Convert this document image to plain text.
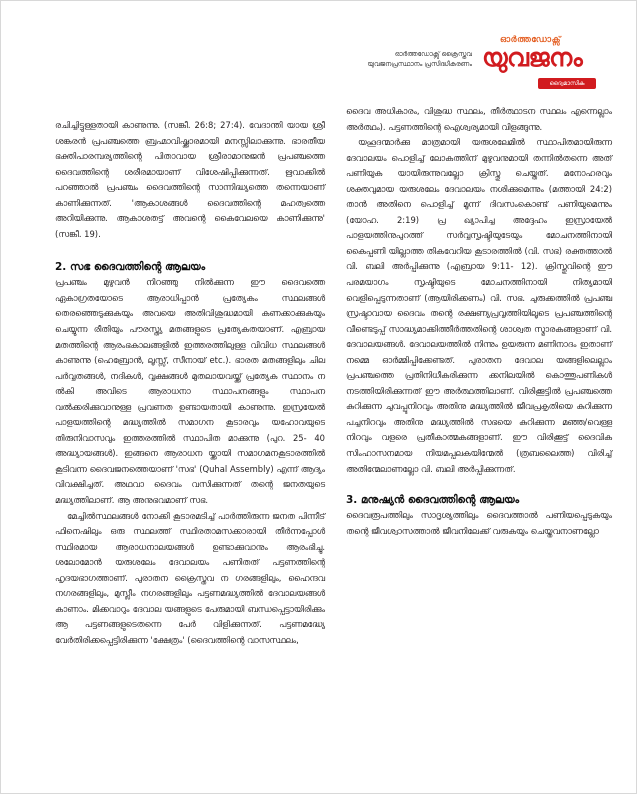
ഓർത്തഡോക്സ് ക്രൈസ്തവ
യുവജനപ്രസ്ഥാനം പ്രസിദ്ധീകരണം
ഓർത്തഡോക്സ്
യുവജനം
ദ്വൈമാസിക

രചിച്ചിട്ടുള്ളതായി കാണുന്നു. (സങ്കീ. 26:8; 27:4). വേദാന്തി യായ ശ്രീ ശങ്കരൻ പ്രപഞ്ചത്തെ ബ്രഹ്മാവിഷ്ക്കാരമായി മനസ്സിലാക്കുന്നു. ഭാരതീയ ഭക്തിപാരമ്പര്യത്തിന്റെ പിതാവായ ശ്രീരാമാനുജൻ പ്രപഞ്ചത്തെ ദൈവത്തിന്റെ ശരീരമായാണ് വിശേഷിപ്പിക്കുന്നത്. ഋവാക്കിൽ പറഞ്ഞാൽ പ്രപഞ്ചം ദൈവത്തിന്റെ സാന്നിദ്ധ്യത്തെ തന്നെയാണ് കാണിക്കുന്നത്. 'ആകാശങ്ങൾ ദൈവത്തിന്റെ മഹത്വത്തെ അറിയിക്കുന്നു. ആകാശതട്ട് അവന്റെ കൈവേലയെ കാണിക്കുന്നു' (സങ്കീ. 19).

2. സഭ ദൈവത്തിന്റെ ആലയം

പ്രപഞ്ചം മുഴുവൻ നിറഞ്ഞു നിൽക്കുന്ന ഈ ദൈവത്തെ ഏകാഗ്രതയോടെ ആരാധിപ്പാൻ പ്രത്യേകം സ്ഥലങ്ങൾ തെരഞ്ഞെടുക്കുകയും അവയെ അതിവിശുദ്ധമായി കണക്കാക്കുകയും ചെയ്യുന്ന രീതിയും പൗരസ്ത്യ മതങ്ങളുടെ പ്രത്യേകതയാണ്. എബ്രായ മതത്തിന്റെ ആരംഭകാലങ്ങളിൽ ഇത്തരത്തിലുള്ള വിവിധ സ്ഥലങ്ങൾ കാണുന്നു (ഹെബ്രോൻ, ലൂസ്സ്, സീനായ് etc.). ഭാരത മതങ്ങളിലും ചില പർവ്വതങ്ങൾ, നദികൾ, വൃക്ഷങ്ങൾ മുതലായവയ്ക്ക് പ്രത്യേക സ്ഥാനം ന ൽകി അവിടെ ആരാധനാ സ്ഥാപനങ്ങളും സ്ഥാപന വൽക്കരിക്കുവാനുള്ള പ്രവണത ഉണ്ടായതായി കാണുന്നു. ഇസ്രയേൽ പാളയത്തിന്റെ മദ്ധ്യത്തിൽ സമാഗന കൂടാരവും യഹോവയുടെ തിരുനിവാസവും ഇത്തരത്തിൽ സ്ഥാപിത മാക്കുന്നു (പുറ. 25- 40 അദ്ധ്യായങ്ങൾ). ഇങ്ങനെ ആരാധന യ്ക്കായി സമാഗമനകൂടാരത്തിൽ കൂടിവന്ന ദൈവജനത്തെയാണ് 'സഭ' (Quhal Assembly) എന്ന് ആദ്യം വിവക്ഷിച്ചത്. അഥവാ ദൈവം വസിക്കുന്നത് തന്റെ ജനതയുടെ മദ്ധ്യത്തിലാണ്. ആ അനുഭവമാണ് സഭ.

മേച്ചിൽസ്ഥലങ്ങൾ നോക്കി കൂടാരമടിച്ച് പാർത്തിരുന്ന ജനത പിന്നീട് ഫിനെഷിലും ഒരു സ്ഥലത്ത് സ്ഥിരതാമസക്കാരായി തീർന്നപ്പോൾ സ്ഥിരമായ ആരാധനാലയങ്ങൾ ഉണ്ടാക്കുവാനും ആരംഭിച്ചു. ശലോമോൻ യരുശലേം ദേവാലയം പണിതത് പട്ടണത്തിന്റെ ഹൃദയഭാഗത്താണ്. പുരാതന ക്രൈസ്തവ ന ഗരങ്ങളിലും, ഹൈന്ദവ നഗരങ്ങളിലും, മുസ്ലീം നഗരങ്ങളിലും പട്ടണമദ്ധ്യത്തിൽ ദേവാലയങ്ങൾ കാണാം. മിക്കവാറും ദേവാല യങ്ങളുടെ പേരുമായി ബന്ധപ്പെട്ടായിരിക്കും ആ പട്ടണങ്ങളുടെതന്നെ പേർ വിളിക്കുന്നത്. പട്ടണമദ്ധ്യേ വേർതിരിക്കപ്പെട്ടിരിക്കുന്ന 'ക്ഷേത്രം' (ദൈവത്തിന്റെ വാസസ്ഥലം,

ദൈവ അധികാരം, വിശുദ്ധ സ്ഥലം, തീർത്ഥാടന സ്ഥലം എന്നെല്ലാം അർത്ഥം). പട്ടണത്തിന്റെ ഐശ്വര്യമായി വിളങ്ങുന്നു.

യഹൂദന്മാർക്കു മാത്രമായി യരുശലേമിൽ സ്ഥാപിതമായിരുന്ന ദേവാലയം പൊളിച്ച് ലോകത്തിന് മുഴുവനുമായി തന്നിൽതന്നെ അത് പണിയുക യായിരുന്നുവല്ലോ ക്രിസ്തു ചെയ്തത്. മനോഹരവും ശക്തവുമായ യരുശലേം ദേവാലയം നശിക്കുമെന്നും (മത്തായി 24:2) താൻ അതിനെ പൊളിച്ച് മൂന്ന് ദിവസംകൊണ്ട് പണിയുമെന്നും (യോഹ. 2:19) പ്ര ഖ്യാപിച്ച അദ്ദേഹം ഇസ്രായേൽ പാളയത്തിനുപുറത്ത് സർവ്വസൃഷ്ടിയുടേയും മോചനത്തിനായി കൈപ്പണി യില്ലാത്ത തികവേറിയ കൂടാരത്തിൽ (വി. സഭ) രക്തത്താൽ വി. ബലി അർപ്പിക്കുന്നു (എബ്രായ 9:11- 12). ക്രിസ്തുവിന്റെ ഈ പരമയാഗം സൃഷ്ടിയുടെ മോചനത്തിനായി നിത്യമായി വെളിപ്പെടുന്നതാണ് (ആയിരിക്കണം) വി. സഭ. ചുരുക്കത്തിൽ പ്രപഞ്ച സ്രഷ്ടാവായ ദൈവം തന്റെ രക്ഷണ്യപ്രവൃത്തിയിലൂടെ പ്രപഞ്ചത്തിന്റെ വീണ്ടെടുപ്പ് സാദ്ധ്യമാക്കിത്തീർത്തതിന്റെ ശാശ്വത സ്മാരകങ്ങളാണ് വി. ദേവാലയങ്ങൾ. ദേവാലയത്തിൽ നിന്നും ഉയരുന്ന മണിനാദം ഇതാണ് നമ്മെ ഓർമ്മിപ്പിക്കേണ്ടത്. പുരാതന ദേവാല യങ്ങളിലെല്ലാം പ്രപഞ്ചത്തെ പ്രതിനിധീകരിക്കുന്ന ക്കനിലയിൽ കൊത്തുപണികൾ നടത്തിയിരിക്കുന്നത് ഈ അർത്ഥത്തിലാണ്. വിരിക്കൂട്ടിൽ പ്രപഞ്ചത്തെ കുറിക്കുന്ന ചുവപ്പുനിറവും അതിനു മദ്ധ്യത്തിൽ ജീവപ്രകൃതിയെ കുറിക്കുന്ന പച്ചനിറവും അതിനു മദ്ധ്യത്തിൽ സഭയെ കുറിക്കുന്ന മഞ്ഞ/വെള്ള നിറവും വളരെ പ്രതീകാത്മകങ്ങളാണ്. ഈ വിരിക്കൂട്ട് ദൈവിക സിംഹാസനമായ നിയമപ്പലകയിന്മേൽ (ത്രബലൈത്ത) വിരിച്ച് അതിന്മേലാണല്ലോ വി. ബലി അർപ്പിക്കുന്നത്.

3. മനുഷ്യൻ ദൈവത്തിന്റെ ആലയം

ദൈവരൂപത്തിലും സാദൃശ്യത്തിലും ദൈവത്താൽ പണിയപ്പെടുകയും തന്റെ ജീവശ്വാസത്താൽ ജീവനിലേക്ക് വരുകയും ചെയ്തവനാണല്ലോ
